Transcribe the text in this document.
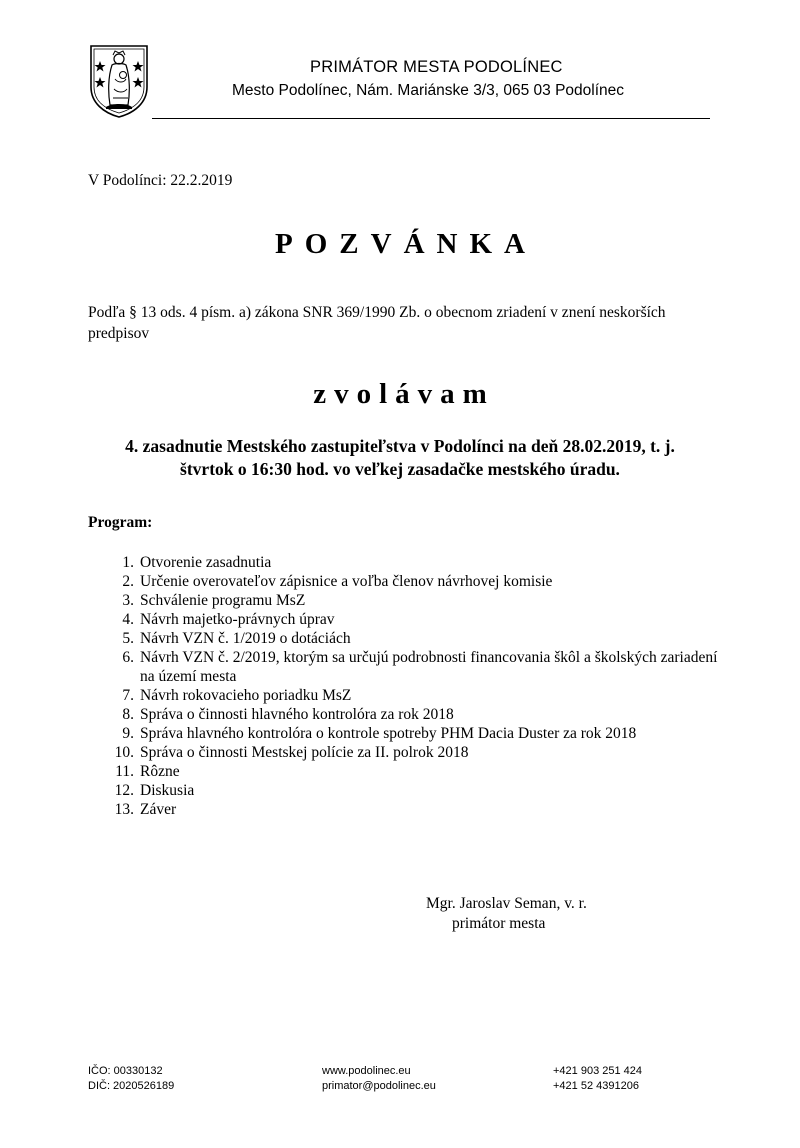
PRIMÁTOR MESTA PODOLÍNEC
Mesto Podolínec, Nám. Mariánske 3/3, 065 03 Podolínec
V Podolínci: 22.2.2019
POZVÁNKA
Podľa § 13 ods. 4 písm. a) zákona SNR 369/1990 Zb. o obecnom zriadení v znení neskorších predpisov
zvolávam
4. zasadnutie Mestského zastupiteľstva v Podolínci na deň 28.02.2019, t. j.
štvrtok o 16:30 hod. vo veľkej zasadačke mestského úradu.
Program:
1. Otvorenie zasadnutia
2. Určenie overovateľov zápisnice a voľba členov návrhovej komisie
3. Schválenie programu MsZ
4. Návrh majetko-právnych úprav
5. Návrh VZN č. 1/2019 o dotáciách
6. Návrh VZN č. 2/2019, ktorým sa určujú podrobnosti financovania škôl a školských zariadení na území mesta
7. Návrh rokovacieho poriadku MsZ
8. Správa o činnosti hlavného kontrolóra za rok 2018
9. Správa hlavného kontrolóra o kontrole spotreby PHM Dacia Duster za rok 2018
10. Správa o činnosti Mestskej polície za II. polrok 2018
11. Rôzne
12. Diskusia
13. Záver
Mgr. Jaroslav Seman, v. r.
primátor mesta
IČO: 00330132
DIČ: 2020526189
www.podolinec.eu
primator@podolinec.eu
+421 903 251 424
+421 52 4391206
